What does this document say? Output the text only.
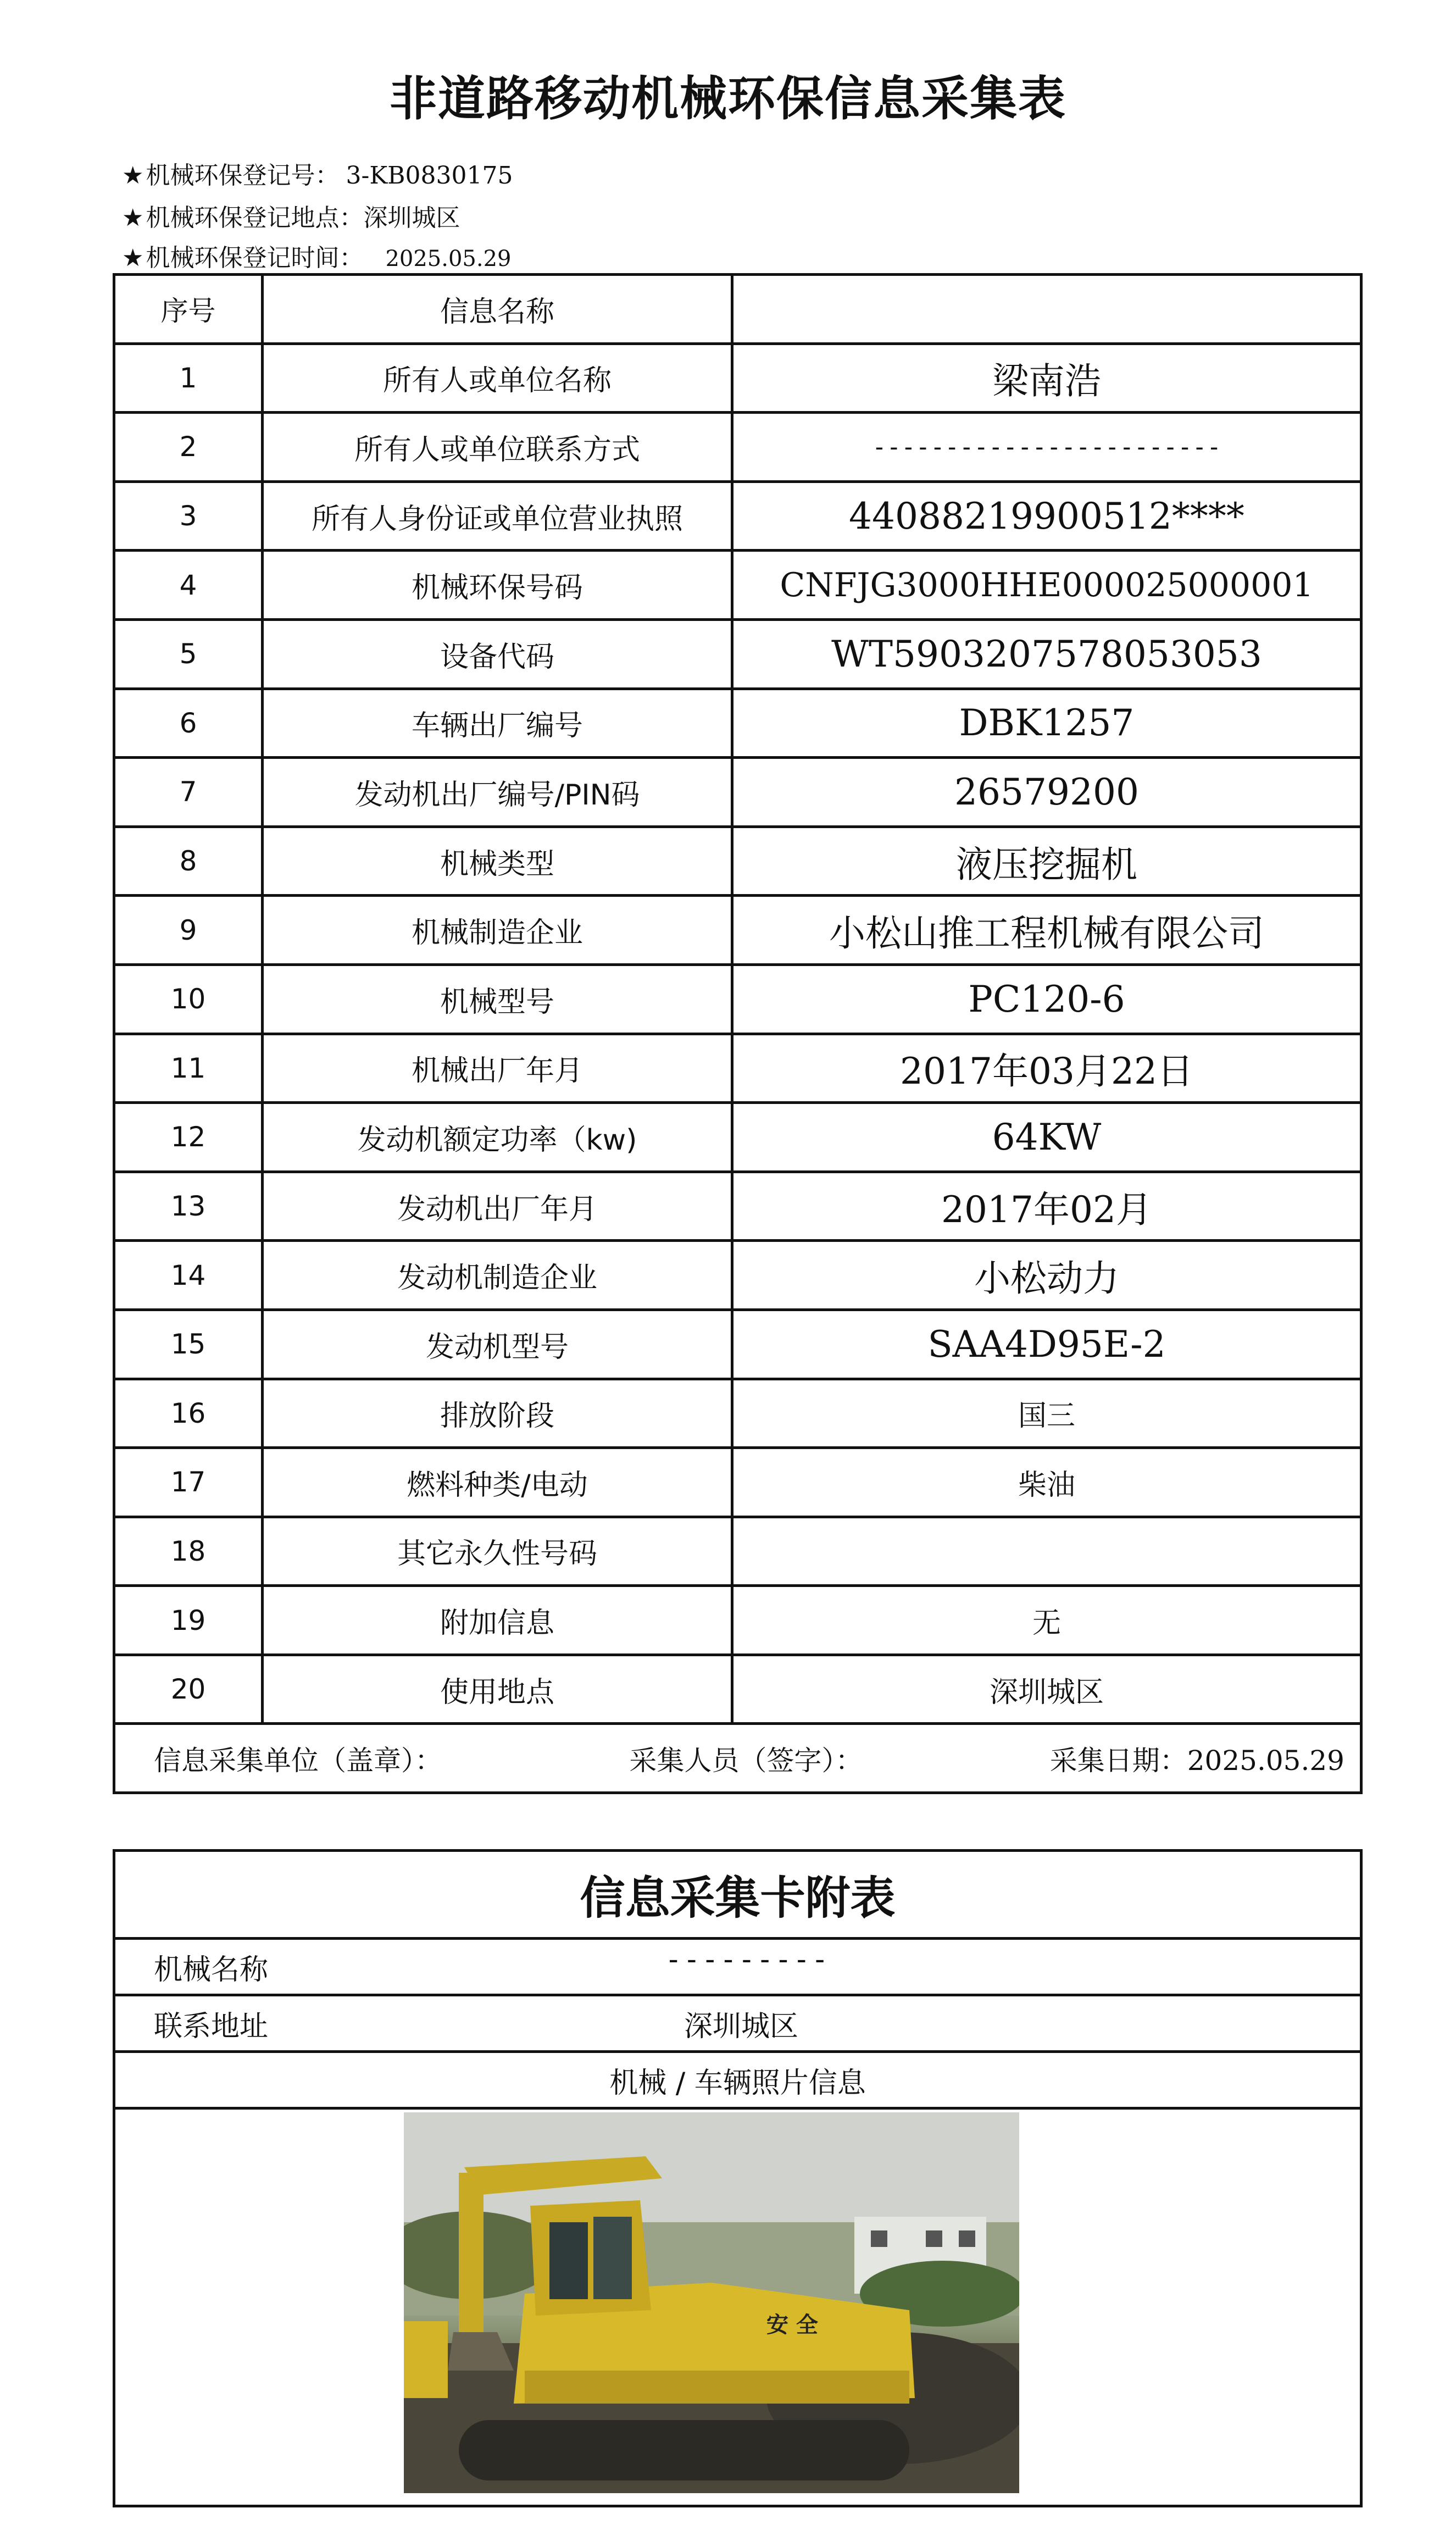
非道路移动机械环保信息采集表
★机械环保登记号： 3-KB0830175
★机械环保登记地点：深圳城区
★机械环保登记时间： 2025.05.29
序号	信息名称	
1	所有人或单位名称	梁南浩
2	所有人或单位联系方式	------------------------
3	所有人身份证或单位营业执照	44088219900512****
4	机械环保号码	CNFJG3000HHE000025000001
5	设备代码	WT5903207578053053
6	车辆出厂编号	DBK1257
7	发动机出厂编号/PIN码	26579200
8	机械类型	液压挖掘机
9	机械制造企业	小松山推工程机械有限公司
10	机械型号	PC120-6
11	机械出厂年月	2017年03月22日
12	发动机额定功率（kw)	64KW
13	发动机出厂年月	2017年02月
14	发动机制造企业	小松动力
15	发动机型号	SAA4D95E-2
16	排放阶段	国三
17	燃料种类/电动	柴油
18	其它永久性号码	
19	附加信息	无
20	使用地点	深圳城区

信息采集单位（盖章）： 采集人员（签字）： 采集日期：2025.05.29		
信息采集卡附表
机械名称	---------
联系地址	深圳城区
机械 / 车辆照片信息
安 全
